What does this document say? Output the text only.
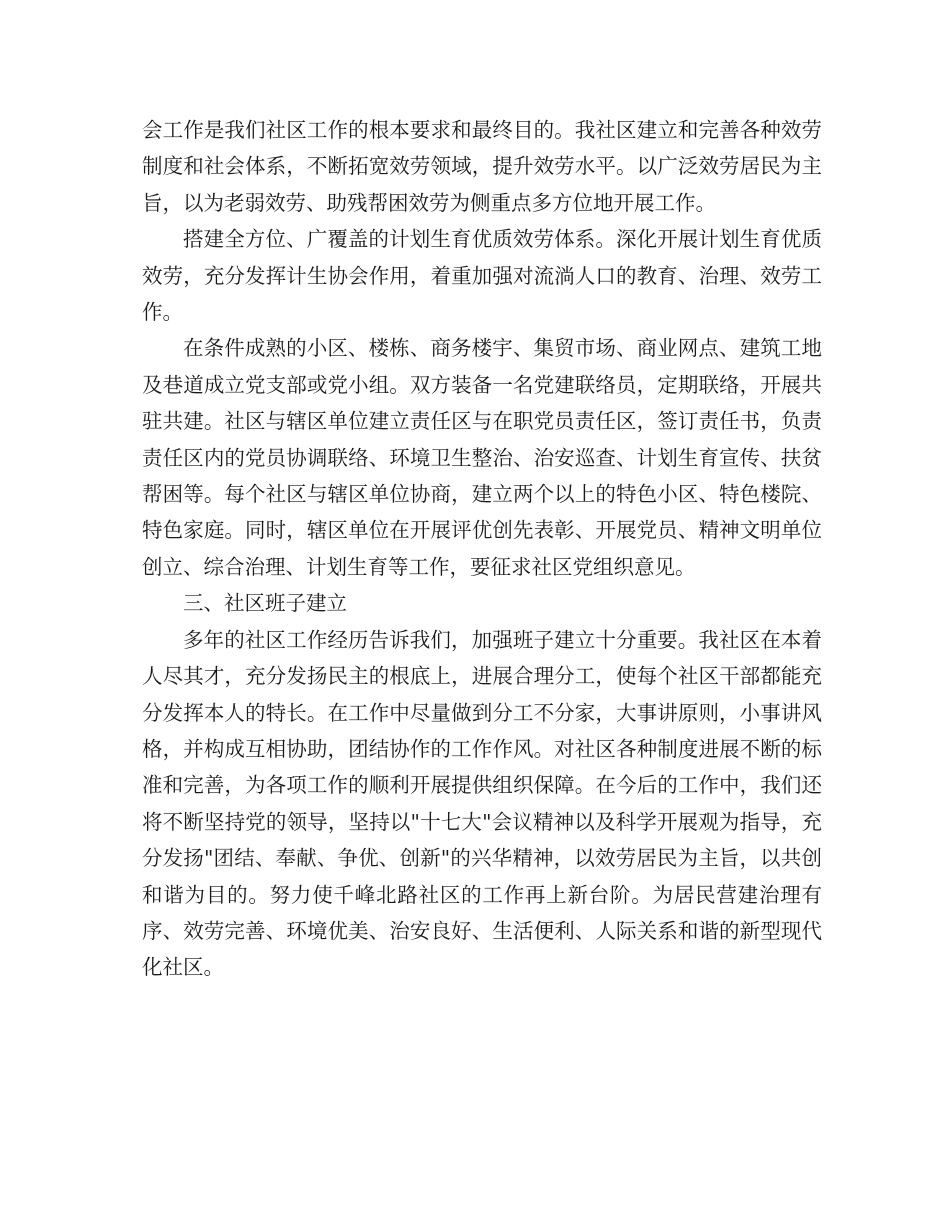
会工作是我们社区工作的根本要求和最终目的。我社区建立和完善各种效劳制度和社会体系，不断拓宽效劳领域，提升效劳水平。以广泛效劳居民为主旨，以为老弱效劳、助残帮困效劳为侧重点多方位地开展工作。

搭建全方位、广覆盖的计划生育优质效劳体系。深化开展计划生育优质效劳，充分发挥计生协会作用，着重加强对流淌人口的教育、治理、效劳工作。

在条件成熟的小区、楼栋、商务楼宇、集贸市场、商业网点、建筑工地及巷道成立党支部或党小组。双方装备一名党建联络员，定期联络，开展共驻共建。社区与辖区单位建立责任区与在职党员责任区，签订责任书，负责责任区内的党员协调联络、环境卫生整治、治安巡查、计划生育宣传、扶贫帮困等。每个社区与辖区单位协商，建立两个以上的特色小区、特色楼院、特色家庭。同时，辖区单位在开展评优创先表彰、开展党员、精神文明单位创立、综合治理、计划生育等工作，要征求社区党组织意见。

三、社区班子建立

多年的社区工作经历告诉我们，加强班子建立十分重要。我社区在本着人尽其才，充分发扬民主的根底上，进展合理分工，使每个社区干部都能充分发挥本人的特长。在工作中尽量做到分工不分家，大事讲原则，小事讲风格，并构成互相协助，团结协作的工作作风。对社区各种制度进展不断的标准和完善，为各项工作的顺利开展提供组织保障。在今后的工作中，我们还将不断坚持党的领导，坚持以"十七大"会议精神以及科学开展观为指导，充分发扬"团结、奉献、争优、创新"的兴华精神，以效劳居民为主旨，以共创和谐为目的。努力使千峰北路社区的工作再上新台阶。为居民营建治理有序、效劳完善、环境优美、治安良好、生活便利、人际关系和谐的新型现代化社区。
